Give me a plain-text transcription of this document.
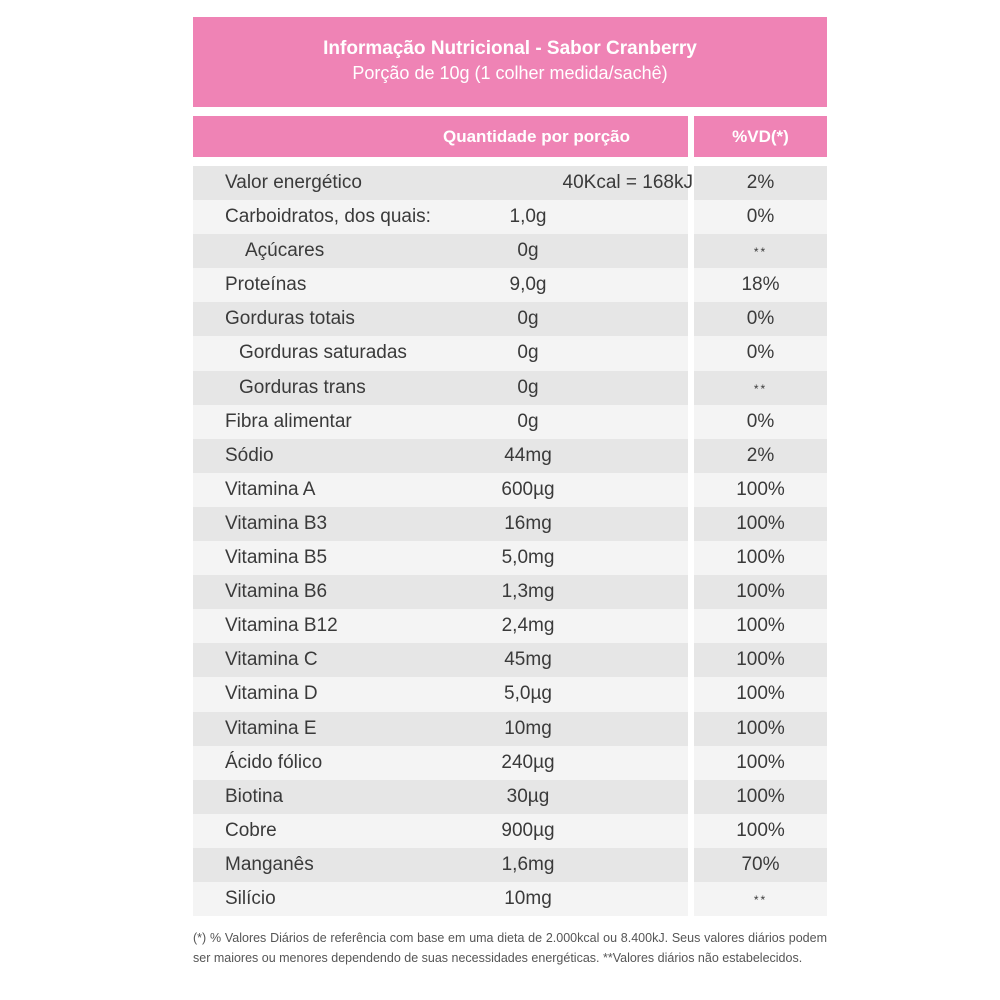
Informação Nutricional - Sabor Cranberry
Porção de 10g (1 colher medida/sachê)
Quantidade por porção	%VD(*)
Valor energético	40Kcal = 168kJ	2%
Carboidratos, dos quais:	1,0g	0%
Açúcares	0g	**
Proteínas	9,0g	18%
Gorduras totais	0g	0%
Gorduras saturadas	0g	0%
Gorduras trans	0g	**
Fibra alimentar	0g	0%
Sódio	44mg	2%
Vitamina A	600µg	100%
Vitamina B3	16mg	100%
Vitamina B5	5,0mg	100%
Vitamina B6	1,3mg	100%
Vitamina B12	2,4mg	100%
Vitamina C	45mg	100%
Vitamina D	5,0µg	100%
Vitamina E	10mg	100%
Ácido fólico	240µg	100%
Biotina	30µg	100%
Cobre	900µg	100%
Manganês	1,6mg	70%
Silício	10mg	**
(*) % Valores Diários de referência com base em uma dieta de 2.000kcal ou 8.400kJ. Seus valores diários podem ser maiores ou menores dependendo de suas necessidades energéticas. **Valores diários não estabelecidos.
